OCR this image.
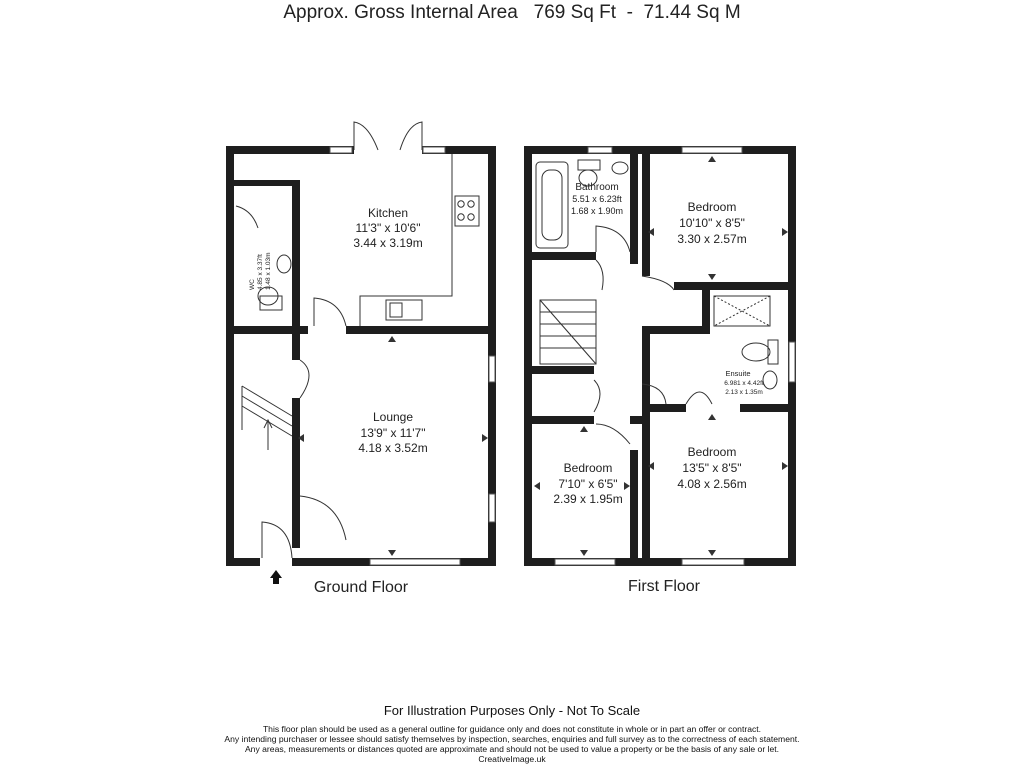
Approx. Gross Internal Area 769 Sq Ft - 71.44 Sq M
Kitchen
11'3" x 10'6"
3.44 x 3.19m
WC 4.85 x 3.37ft 1.48 x 1.03m
Lounge
13'9" x 11'7"
4.18 x 3.52m
Ground Floor
Bathroom
5.51 x 6.23ft
1.68 x 1.90m	Bedroom
10'10" x 8'5"
3.30 x 2.57m
Ensuite
6.981 x 4.42ft
2.13 x 1.35m
Bedroom
7'10" x 6'5"
2.39 x 1.95m
Bedroom
13'5" x 8'5"
4.08 x 2.56m
First Floor
For Illustration Purposes Only - Not To Scale
This floor plan should be used as a general outline for guidance only and does not constitute in whole or in part an offer or contract.
Any intending purchaser or lessee should satisfy themselves by inspection, searches, enquiries and full survey as to the correctness of each statement.
Any areas, measurements or distances quoted are approximate and should not be used to value a property or be the basis of any sale or let.
CreativeImage.uk
